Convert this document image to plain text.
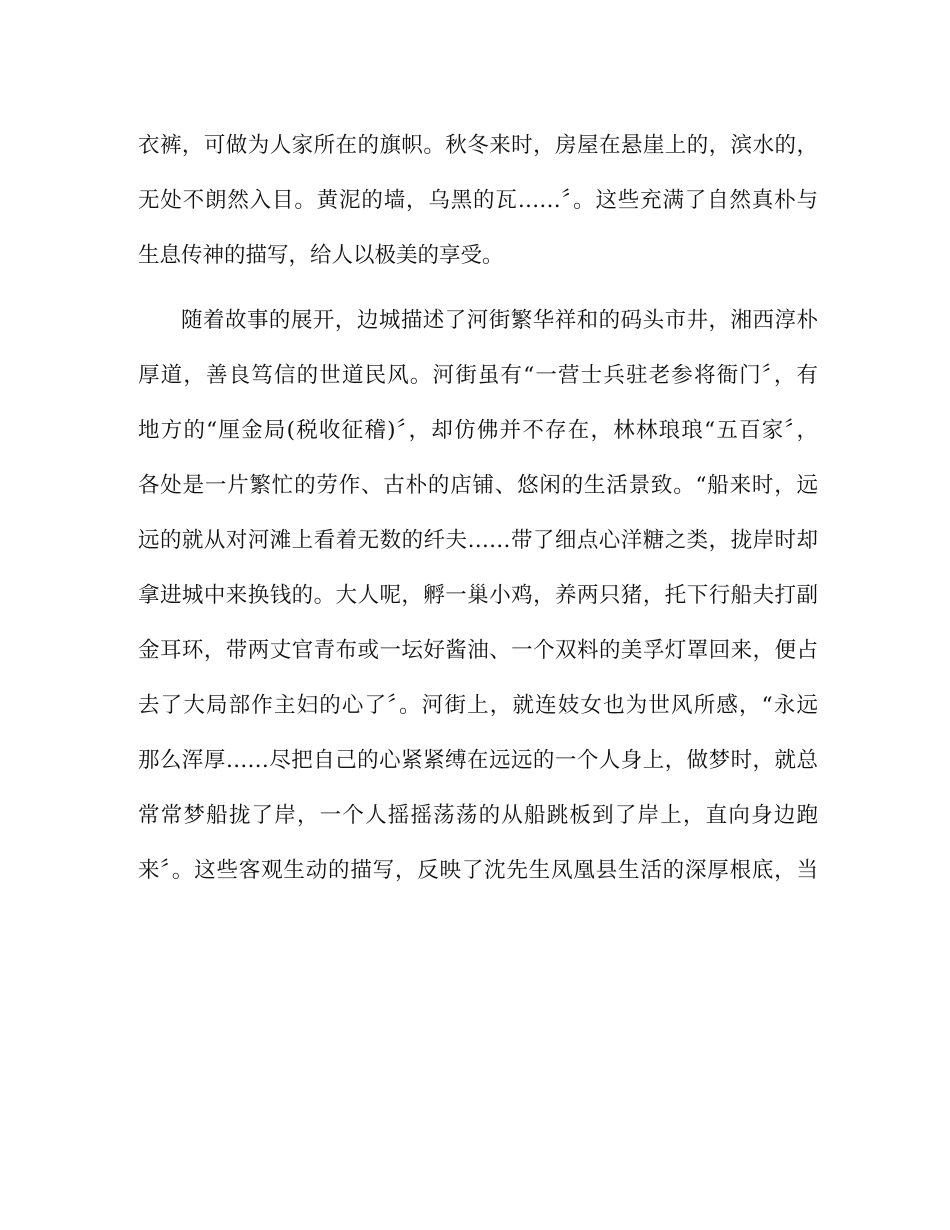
衣裤，可做为人家所在的旗帜。秋冬来时，房屋在悬崖上的，滨水的，
无处不朗然入目。黄泥的墙，乌黑的瓦……〞。这些充满了自然真朴与
生息传神的描写，给人以极美的享受。
随着故事的展开，边城描述了河街繁华祥和的码头市井，湘西淳朴
厚道，善良笃信的世道民风。河街虽有“一营士兵驻老参将衙门〞，有
地方的“厘金局(税收征稽)〞，却仿佛并不存在，林林琅琅“五百家〞，
各处是一片繁忙的劳作、古朴的店铺、悠闲的生活景致。“船来时，远
远的就从对河滩上看着无数的纤夫……带了细点心洋糖之类，拢岸时却
拿进城中来换钱的。大人呢，孵一巢小鸡，养两只猪，托下行船夫打副
金耳环，带两丈官青布或一坛好酱油、一个双料的美孚灯罩回来，便占
去了大局部作主妇的心了〞。河街上，就连妓女也为世风所感，“永远
那么浑厚……尽把自己的心紧紧缚在远远的一个人身上，做梦时，就总
常常梦船拢了岸，一个人摇摇荡荡的从船跳板到了岸上，直向身边跑
来〞。这些客观生动的描写，反映了沈先生凤凰县生活的深厚根底，当
